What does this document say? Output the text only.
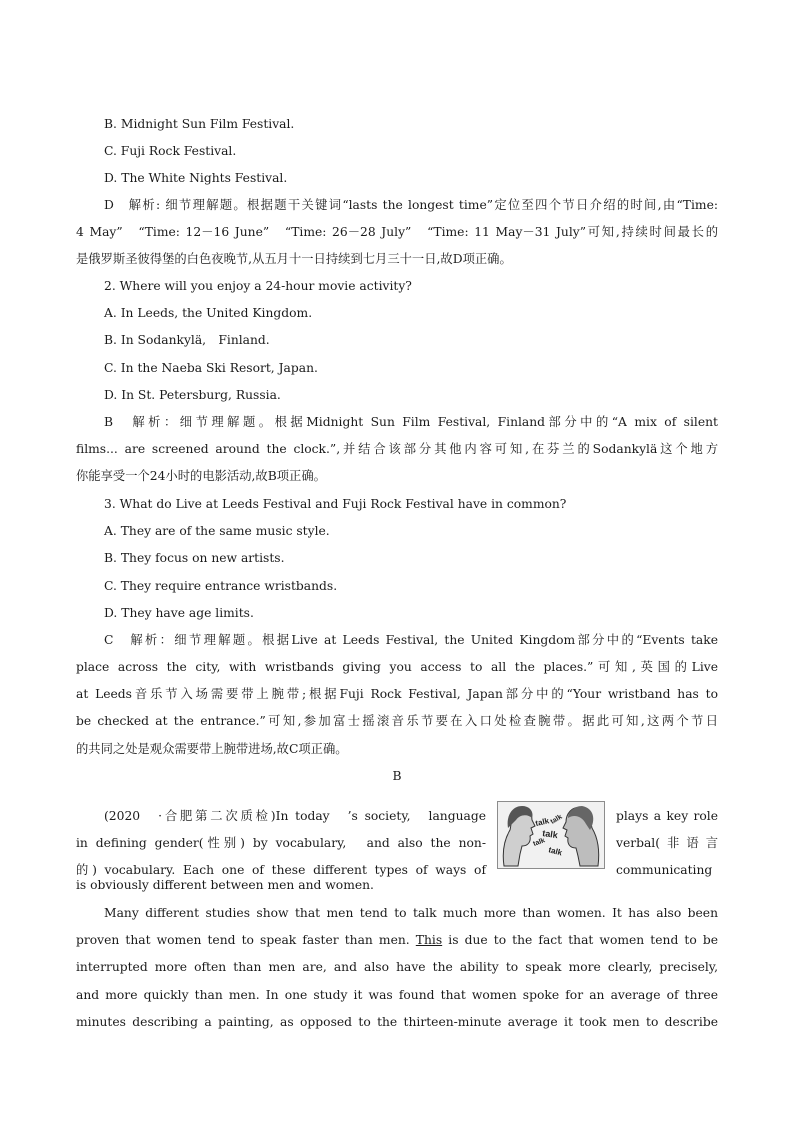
B. Midnight Sun Film Festival.

C. Fuji Rock Festival.

D. The White Nights Festival.

D　解析: 细节理解题。根据题干关键词“lasts the longest time”定位至四个节日介绍的时间,由“Time:

4 May”　“Time: 12－16 June”　“Time: 26－28 July”　“Time: 11 May－31 July”可知,持续时间最长的

是俄罗斯圣彼得堡的白色夜晚节,从五月十一日持续到七月三十一日,故D项正确。

2. Where will you enjoy a 24-hour movie activity?

A. In Leeds, the United Kingdom.

B. In Sodankylä,　Finland.

C. In the Naeba Ski Resort, Japan.

D. In St. Petersburg, Russia.

B　解析：细节理解题。根据Midnight Sun Film Festival, Finland部分中的“A mix of silent

films... are screened around the clock.”,并结合该部分其他内容可知,在芬兰的Sodankylä这个地方

你能享受一个24小时的电影活动,故B项正确。

3. What do Live at Leeds Festival and Fuji Rock Festival have in common?

A. They are of the same music style.

B. They focus on new artists.

C. They require entrance wristbands.

D. They have age limits.

C　解析：细节理解题。根据Live at Leeds Festival, the United Kingdom部分中的“Events take

place across the city, with wristbands giving you access to all the places.”可知,英国的Live

at Leeds音乐节入场需要带上腕带;根据Fuji Rock Festival, Japan部分中的“Your wristband has to

be checked at the entrance.”可知,参加富士摇滚音乐节要在入口处检查腕带。据此可知,这两个节日

的共同之处是观众需要带上腕带进场,故C项正确。

B

(2020　·合肥第二次质检)In today　’s society,　language

in defining gender(性别) by vocabulary,　and also the non-

的) vocabulary. Each one of these different types of ways of

talk
talk
talk
talk
talk	plays a key role

verbal(非语言

communicating

is obviously different between men and women.

Many different studies show that men tend to talk much more than women. It has also been

proven that women tend to speak faster than men. This is due to the fact that women tend to be

interrupted more often than men are, and also have the ability to speak more clearly, precisely,

and more quickly than men. In one study it was found that women spoke for an average of three

minutes describing a painting, as opposed to the thirteen-minute average it took men to describe
